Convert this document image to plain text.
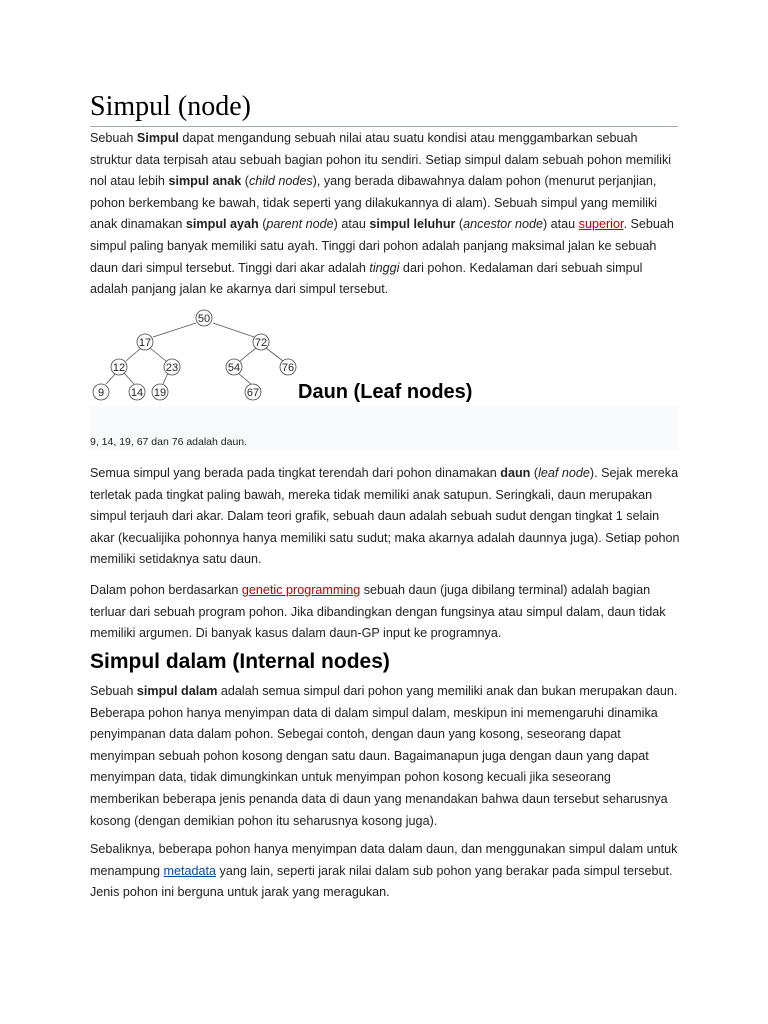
Simpul (node)
Sebuah Simpul dapat mengandung sebuah nilai atau suatu kondisi atau menggambarkan sebuah struktur data terpisah atau sebuah bagian pohon itu sendiri. Setiap simpul dalam sebuah pohon memiliki nol atau lebih simpul anak (child nodes), yang berada dibawahnya dalam pohon (menurut perjanjian, pohon berkembang ke bawah, tidak seperti yang dilakukannya di alam). Sebuah simpul yang memiliki anak dinamakan simpul ayah (parent node) atau simpul leluhur (ancestor node) atau superior. Sebuah simpul paling banyak memiliki satu ayah. Tinggi dari pohon adalah panjang maksimal jalan ke sebuah daun dari simpul tersebut. Tinggi dari akar adalah tinggi dari pohon. Kedalaman dari sebuah simpul adalah panjang jalan ke akarnya dari simpul tersebut.
50
17	72
12	23	54	76
9 14 19	67 Daun (Leaf nodes)
9, 14, 19, 67 dan 76 adalah daun.
Semua simpul yang berada pada tingkat terendah dari pohon dinamakan daun (leaf node). Sejak mereka terletak pada tingkat paling bawah, mereka tidak memiliki anak satupun. Seringkali, daun merupakan simpul terjauh dari akar. Dalam teori grafik, sebuah daun adalah sebuah sudut dengan tingkat 1 selain akar (kecualijika pohonnya hanya memiliki satu sudut; maka akarnya adalah daunnya juga). Setiap pohon memiliki setidaknya satu daun.
Dalam pohon berdasarkan genetic programming sebuah daun (juga dibilang terminal) adalah bagian terluar dari sebuah program pohon. Jika dibandingkan dengan fungsinya atau simpul dalam, daun tidak memiliki argumen. Di banyak kasus dalam daun-GP input ke programnya.
Simpul dalam (Internal nodes)
Sebuah simpul dalam adalah semua simpul dari pohon yang memiliki anak dan bukan merupakan daun. Beberapa pohon hanya menyimpan data di dalam simpul dalam, meskipun ini memengaruhi dinamika penyimpanan data dalam pohon. Sebegai contoh, dengan daun yang kosong, seseorang dapat menyimpan sebuah pohon kosong dengan satu daun. Bagaimanapun juga dengan daun yang dapat menyimpan data, tidak dimungkinkan untuk menyimpan pohon kosong kecuali jika seseorang memberikan beberapa jenis penanda data di daun yang menandakan bahwa daun tersebut seharusnya kosong (dengan demikian pohon itu seharusnya kosong juga).
Sebaliknya, beberapa pohon hanya menyimpan data dalam daun, dan menggunakan simpul dalam untuk menampung metadata yang lain, seperti jarak nilai dalam sub pohon yang berakar pada simpul tersebut. Jenis pohon ini berguna untuk jarak yang meragukan.
